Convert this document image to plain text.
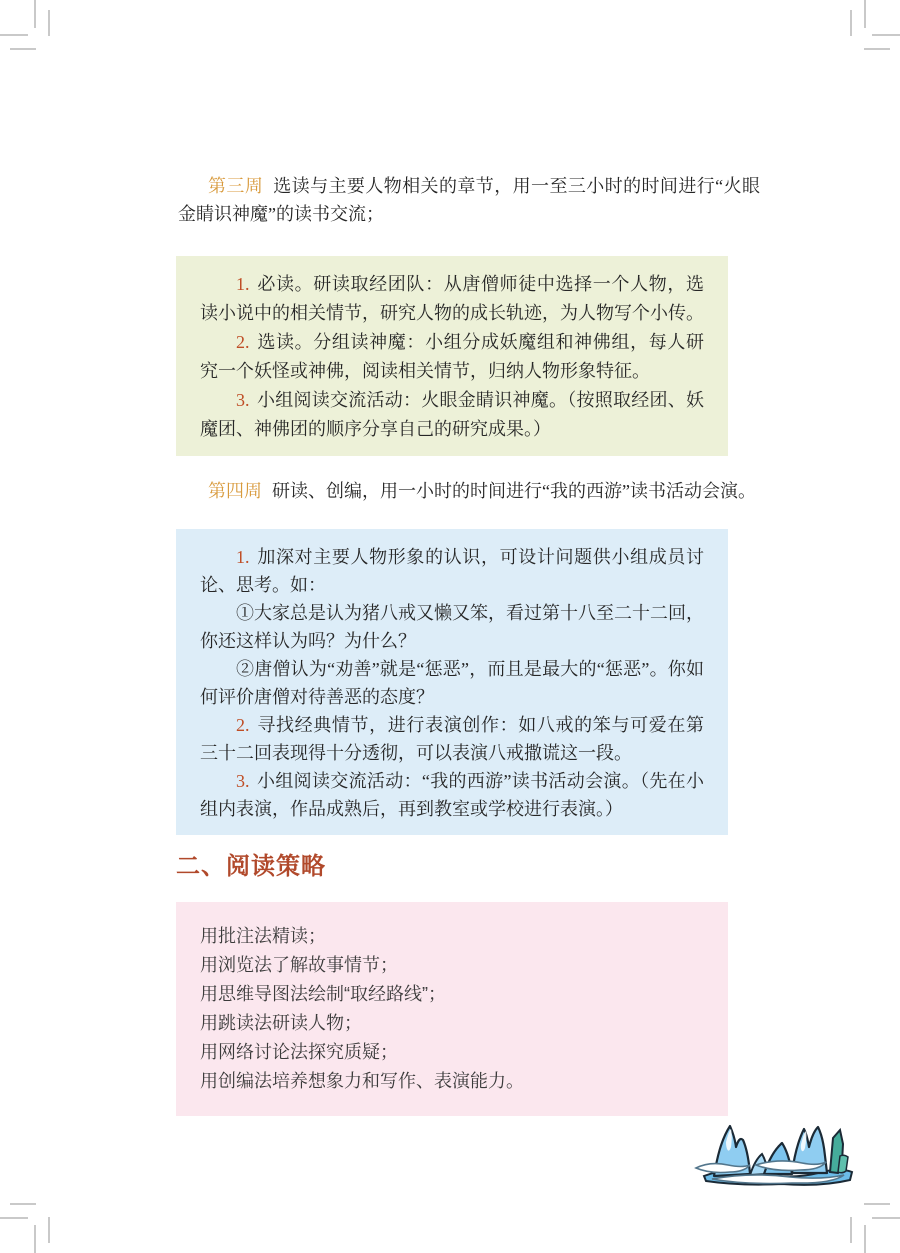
第三周 选读与主要人物相关的章节，用一至三小时的时间进行“火眼金睛识神魔”的读书交流；

1. 必读。研读取经团队：从唐僧师徒中选择一个人物，选读小说中的相关情节，研究人物的成长轨迹，为人物写个小传。

2. 选读。分组读神魔：小组分成妖魔组和神佛组，每人研究一个妖怪或神佛，阅读相关情节，归纳人物形象特征。

3. 小组阅读交流活动：火眼金睛识神魔。（按照取经团、妖魔团、神佛团的顺序分享自己的研究成果。）

第四周 研读、创编，用一小时的时间进行“我的西游”读书活动会演。

1. 加深对主要人物形象的认识，可设计问题供小组成员讨论、思考。如：

①大家总是认为猪八戒又懒又笨，看过第十八至二十二回，你还这样认为吗？为什么？

②唐僧认为“劝善”就是“惩恶”，而且是最大的“惩恶”。你如何评价唐僧对待善恶的态度？

2. 寻找经典情节，进行表演创作：如八戒的笨与可爱在第三十二回表现得十分透彻，可以表演八戒撒谎这一段。

3. 小组阅读交流活动：“我的西游”读书活动会演。（先在小组内表演，作品成熟后，再到教室或学校进行表演。）

二、阅读策略

用批注法精读；

用浏览法了解故事情节；

用思维导图法绘制“取经路线”；

用跳读法研读人物；

用网络讨论法探究质疑；

用创编法培养想象力和写作、表演能力。
